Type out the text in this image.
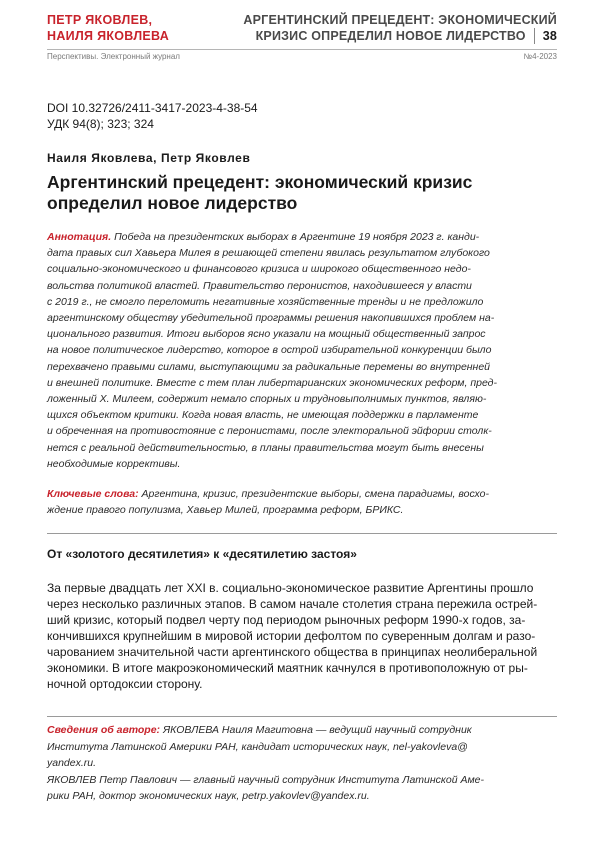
ПЕТР ЯКОВЛЕВ,
НАИЛЯ ЯКОВЛЕВА
АРГЕНТИНСКИЙ ПРЕЦЕДЕНТ: ЭКОНОМИЧЕСКИЙ
КРИЗИС ОПРЕДЕЛИЛ НОВОЕ ЛИДЕРСТВО 38
Перспективы. Электронный журнал	№4-2023
DOI 10.32726/2411-3417-2023-4-38-54
УДК 94(8); 323; 324
Наиля Яковлева, Петр Яковлев
Аргентинский прецедент: экономический кризис
определил новое лидерство
Аннотация. Победа на президентских выборах в Аргентине 19 ноября 2023 г. канди-
дата правых сил Хавьера Милея в решающей степени явилась результатом глубокого
социально-экономического и финансового кризиса и широкого общественного недо-
вольства политикой властей. Правительство перонистов, находившееся у власти
с 2019 г., не смогло переломить негативные хозяйственные тренды и не предложило
аргентинскому обществу убедительной программы решения накопившихся проблем на-
ционального развития. Итоги выборов ясно указали на мощный общественный запрос
на новое политическое лидерство, которое в острой избирательной конкуренции было
перехвачено правыми силами, выступающими за радикальные перемены во внутренней
и внешней политике. Вместе с тем план либертарианских экономических реформ, пред-
ложенный Х. Милеем, содержит немало спорных и трудновыполнимых пунктов, являю-
щихся объектом критики. Когда новая власть, не имеющая поддержки в парламенте
и обреченная на противостояние с перонистами, после электоральной эйфории столк-
нется с реальной действительностью, в планы правительства могут быть внесены
необходимые коррективы.
Ключевые слова: Аргентина, кризис, президентские выборы, смена парадигмы, восхо-
ждение правого популизма, Хавьер Милей, программа реформ, БРИКС.
От «золотого десятилетия» к «десятилетию застоя»
За первые двадцать лет XXI в. социально-экономическое развитие Аргентины прошло
через несколько различных этапов. В самом начале столетия страна пережила острей-
ший кризис, который подвел черту под периодом рыночных реформ 1990-х годов, за-
кончившихся крупнейшим в мировой истории дефолтом по суверенным долгам и разо-
чарованием значительной части аргентинского общества в принципах неолиберальной
экономики. В итоге макроэкономический маятник качнулся в противоположную от ры-
ночной ортодоксии сторону.
Сведения об авторе: ЯКОВЛЕВА Наиля Магитовна — ведущий научный сотрудник
Института Латинской Америки РАН, кандидат исторических наук, nel-yakovleva@
yandex.ru.
ЯКОВЛЕВ Петр Павлович — главный научный сотрудник Института Латинской Аме-
рики РАН, доктор экономических наук, petrp.yakovlev@yandex.ru.
